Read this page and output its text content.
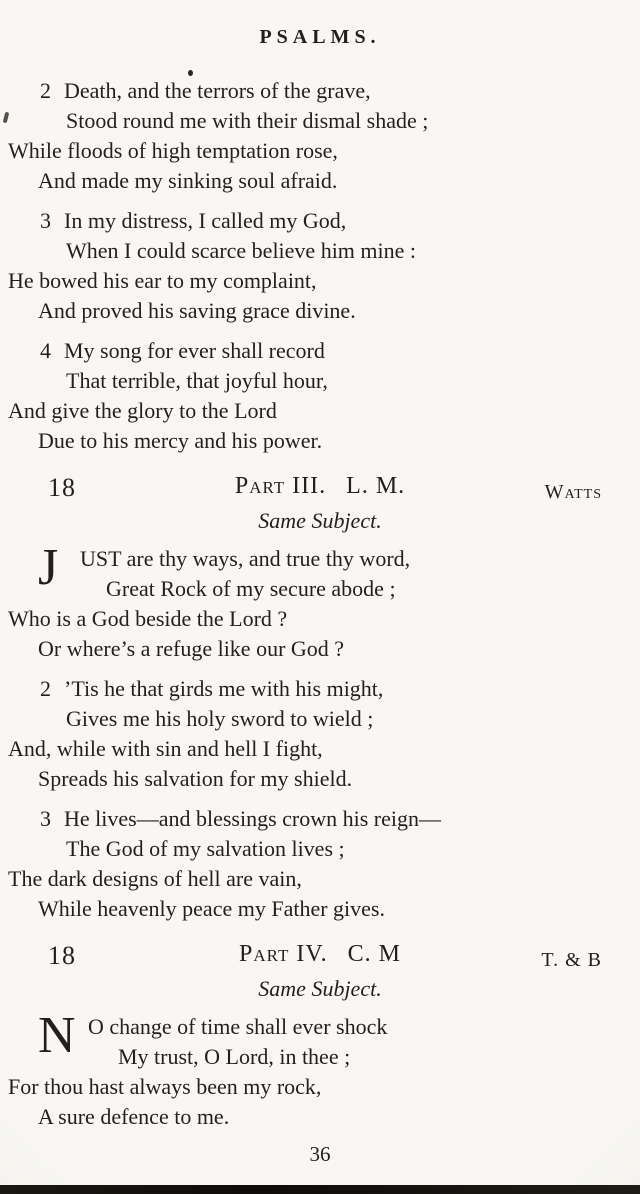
PSALMS.
2 Death, and the terrors of the grave,
Stood round me with their dismal shade ;
While floods of high temptation rose,
And made my sinking soul afraid.
3 In my distress, I called my God,
When I could scarce believe him mine :
He bowed his ear to my complaint,
And proved his saving grace divine.
4 My song for ever shall record
That terrible, that joyful hour,
And give the glory to the Lord
Due to his mercy and his power.
18	Part III. L. M.	Watts
Same Subject.
J UST are thy ways, and true thy word,
Great Rock of my secure abode ;
Who is a God beside the Lord ?
Or where’s a refuge like our God ?
2 ’Tis he that girds me with his might,
Gives me his holy sword to wield ;
And, while with sin and hell I fight,
Spreads his salvation for my shield.
3 He lives—and blessings crown his reign—
The God of my salvation lives ;
The dark designs of hell are vain,
While heavenly peace my Father gives.
18	Part IV. C. M	T. & B
Same Subject.
N O change of time shall ever shock
My trust, O Lord, in thee ;
For thou hast always been my rock,
A sure defence to me.
36
